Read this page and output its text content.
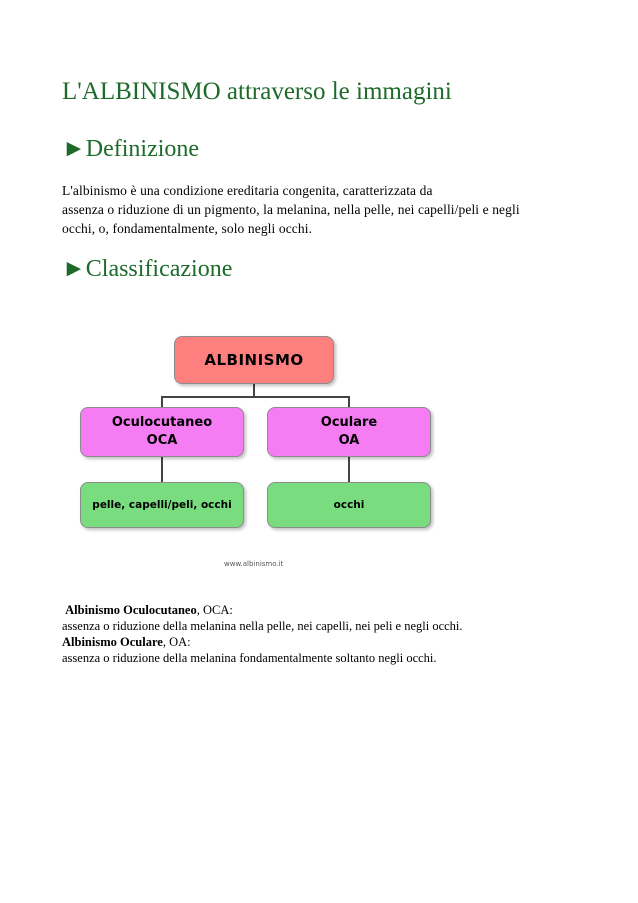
L'ALBINISMO attraverso le immagini
►Definizione

L'albinismo è una condizione ereditaria congenita, caratterizzata da
assenza o riduzione di un pigmento, la melanina, nella pelle, nei capelli/peli e negli
occhi, o, fondamentalmente, solo negli occhi.

►Classificazione
ALBINISMO
Oculocutaneo
OCA
Oculare
OA
pelle, capelli/peli, occhi	occhi
www.albinismo.it
Albinismo Oculocutaneo, OCA:
assenza o riduzione della melanina nella pelle, nei capelli, nei peli e negli occhi.
Albinismo Oculare, OA:
assenza o riduzione della melanina fondamentalmente soltanto negli occhi.
